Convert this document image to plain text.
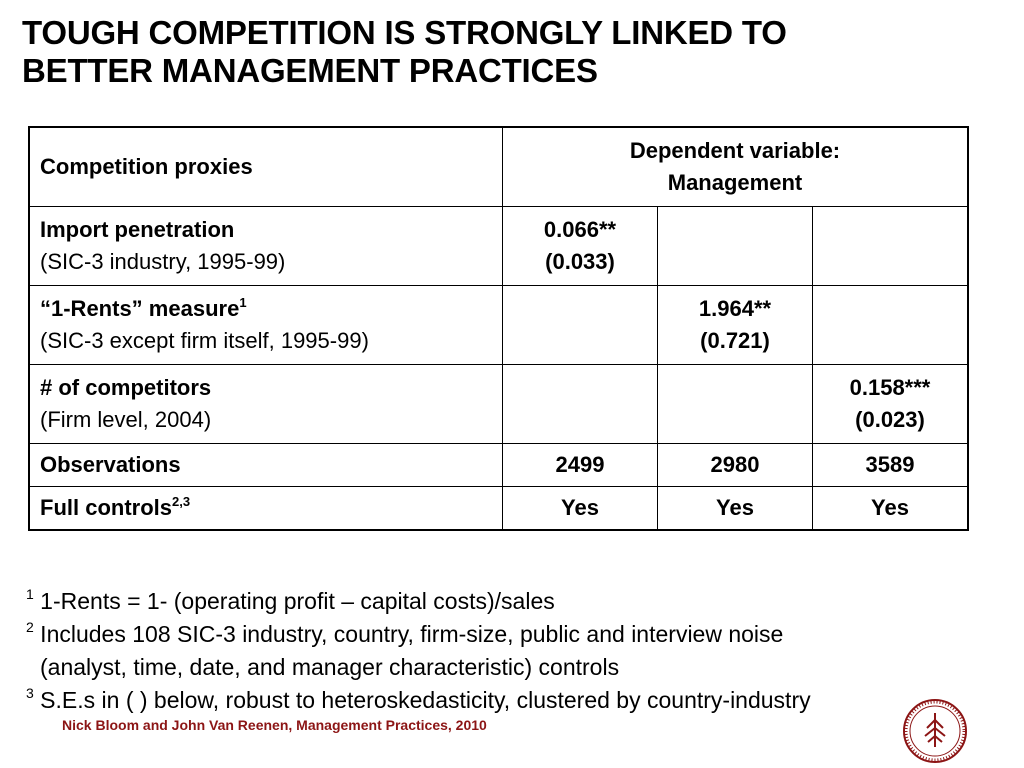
TOUGH COMPETITION IS STRONGLY LINKED TO
BETTER MANAGEMENT PRACTICES
Competition proxies	Dependent variable:
Management		

Import penetration
(SIC-3 industry, 1995-99)	0.066**
(0.033)		

“1-Rents” measure$^1$
(SIC-3 except firm itself, 1995-99)		1.964**
(0.721)	

# of competitors
(Firm level, 2004)			0.158***
(0.023)

Observations	2499	2980	3589
Full controls$^{2,3}$	Yes	Yes	Yes
$^1$ 1-Rents = 1- (operating profit – capital costs)/sales
$^2$ Includes 108 SIC-3 industry, country, firm-size, public and interview noise
(analyst, time, date, and manager characteristic) controls
$^3$ S.E.s in ( ) below, robust to heteroskedasticity, clustered by country-industry
Nick Bloom and John Van Reenen, Management Practices, 2010
